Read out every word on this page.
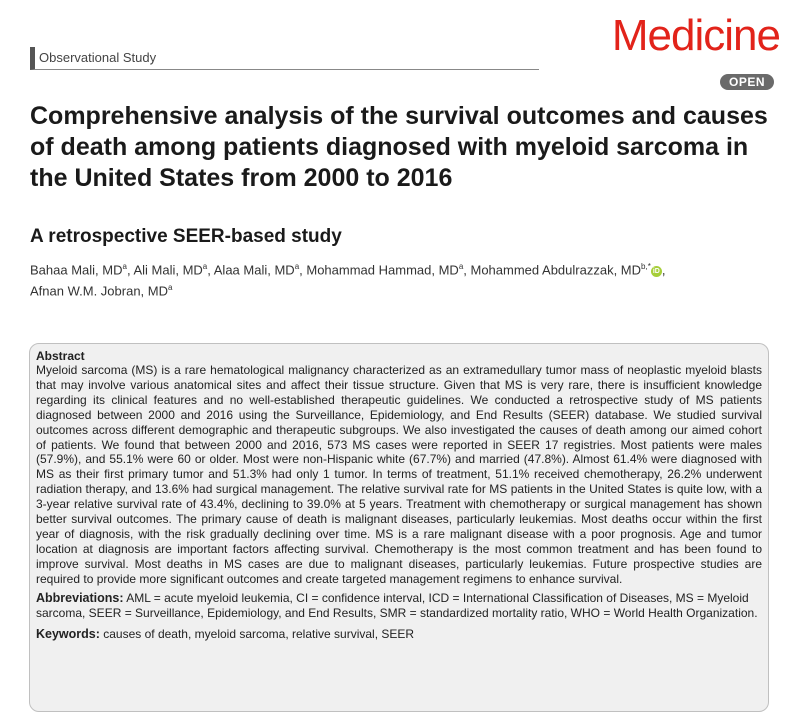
Observational Study	Medicine
OPEN
Comprehensive analysis of the survival outcomes and causes of death among patients diagnosed with myeloid sarcoma in the United States from 2000 to 2016
A retrospective SEER-based study
Bahaa Mali, $MD^a$, Ali Mali, $MD^a$, Alaa Mali, $MD^a$, Mohammad Hammad, $MD^a$, Mohammed Abdulrazzak, $MD^{b,*}iD$ ,
Afnan W.M. Jobran, $MD^a$

Abstract

Myeloid sarcoma (MS) is a rare hematological malignancy characterized as an extramedullary tumor mass of neoplastic myeloid blasts that may involve various anatomical sites and affect their tissue structure. Given that MS is very rare, there is insufficient knowledge regarding its clinical features and no well-established therapeutic guidelines. We conducted a retrospective study of MS patients diagnosed between 2000 and 2016 using the Surveillance, Epidemiology, and End Results (SEER) database. We studied survival outcomes across different demographic and therapeutic subgroups. We also investigated the causes of death among our aimed cohort of patients. We found that between 2000 and 2016, 573 MS cases were reported in SEER 17 registries. Most patients were males (57.9%), and 55.1% were 60 or older. Most were non-Hispanic white (67.7%) and married (47.8%). Almost 61.4% were diagnosed with MS as their first primary tumor and 51.3% had only 1 tumor. In terms of treatment, 51.1% received chemotherapy, 26.2% underwent radiation therapy, and 13.6% had surgical management. The relative survival rate for MS patients in the United States is quite low, with a 3-year relative survival rate of 43.4%, declining to 39.0% at 5 years. Treatment with chemotherapy or surgical management has shown better survival outcomes. The primary cause of death is malignant diseases, particularly leukemias. Most deaths occur within the first year of diagnosis, with the risk gradually declining over time. MS is a rare malignant disease with a poor prognosis. Age and tumor location at diagnosis are important factors affecting survival. Chemotherapy is the most common treatment and has been found to improve survival. Most deaths in MS cases are due to malignant diseases, particularly leukemias. Future prospective studies are required to provide more significant outcomes and create targeted management regimens to enhance survival.

Abbreviations: AML = acute myeloid leukemia, CI = confidence interval, ICD = International Classification of Diseases, MS = Myeloid sarcoma, SEER = Surveillance, Epidemiology, and End Results, SMR = standardized mortality ratio, WHO = World Health Organization.

Keywords: causes of death, myeloid sarcoma, relative survival, SEER
